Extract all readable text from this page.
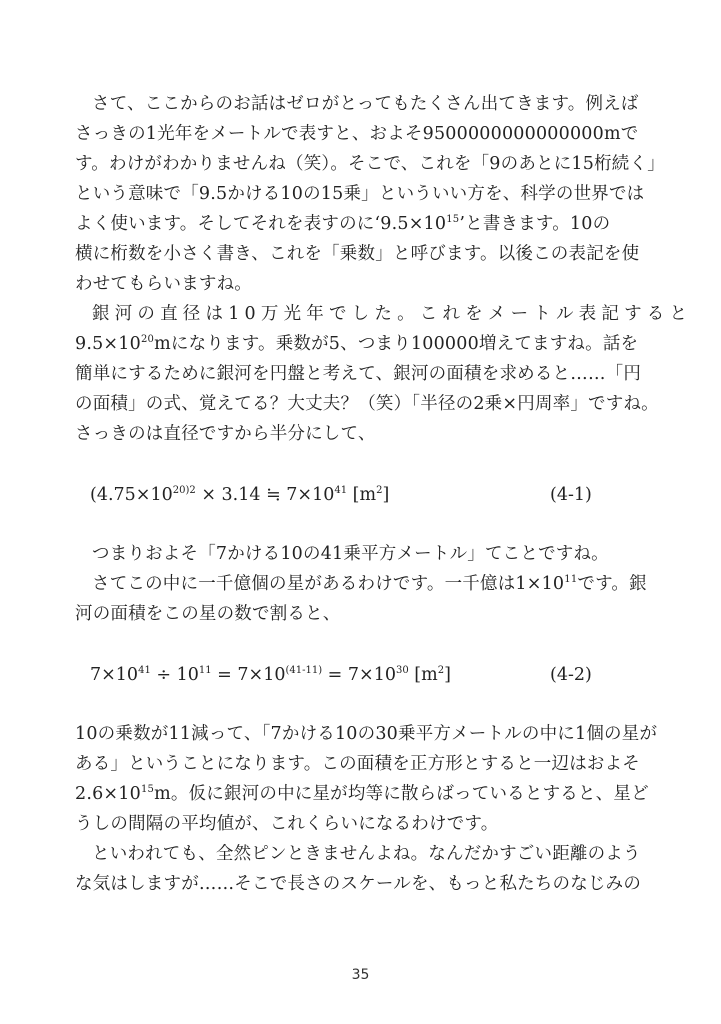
さて、ここからのお話はゼロがとってもたくさん出てきます。例えば
さっきの1光年をメートルで表すと、およそ9500000000000000mで
す。わけがわかりませんね（笑）。そこで、これを「9のあとに15桁続く」
という意味で「9.5かける10の15乗」といういい方を、科学の世界では
よく使います。そしてそれを表すのに‘$9.5\times 10^{15}$’と書きます。10の
横に桁数を小さく書き、これを「乗数」と呼びます。以後この表記を使
わせてもらいますね。
銀河の直径は10万光年でした。これをメートル表記すると
$9.5\times 10^{20}m$になります。乗数が5、つまり100000増えてますね。話を
簡単にするために銀河を円盤と考えて、銀河の面積を求めると……「円
の面積」の式、覚えてる？大丈夫？（笑）「半径の2乗×円周率」ですね。
さっきのは直径ですから半分にして、
($4.75\times 10^{20)2} \times 3.14$ ≒ $7\times 10^{41}$ $[m^2]$	(4-1)
つまりおよそ「7かける10の41乗平方メートル」てことですね。
さてこの中に一千億個の星があるわけです。一千億は$1\times 10^{11}$です。銀
河の面積をこの星の数で割ると、
$7\times 10^{41} \div 10^{11} = 7\times 10^{(41-11)} = 7\times 10^{30}$ $[m^2]$	(4-2)
10の乗数が11減って、「7かける10の30乗平方メートルの中に1個の星が
ある」ということになります。この面積を正方形とすると一辺はおよそ
$2.6\times 10^{15}m$。仮に銀河の中に星が均等に散らばっているとすると、星ど
うしの間隔の平均値が、これくらいになるわけです。
といわれても、全然ピンときませんよね。なんだかすごい距離のよう
な気はしますが……そこで長さのスケールを、もっと私たちのなじみの
35
